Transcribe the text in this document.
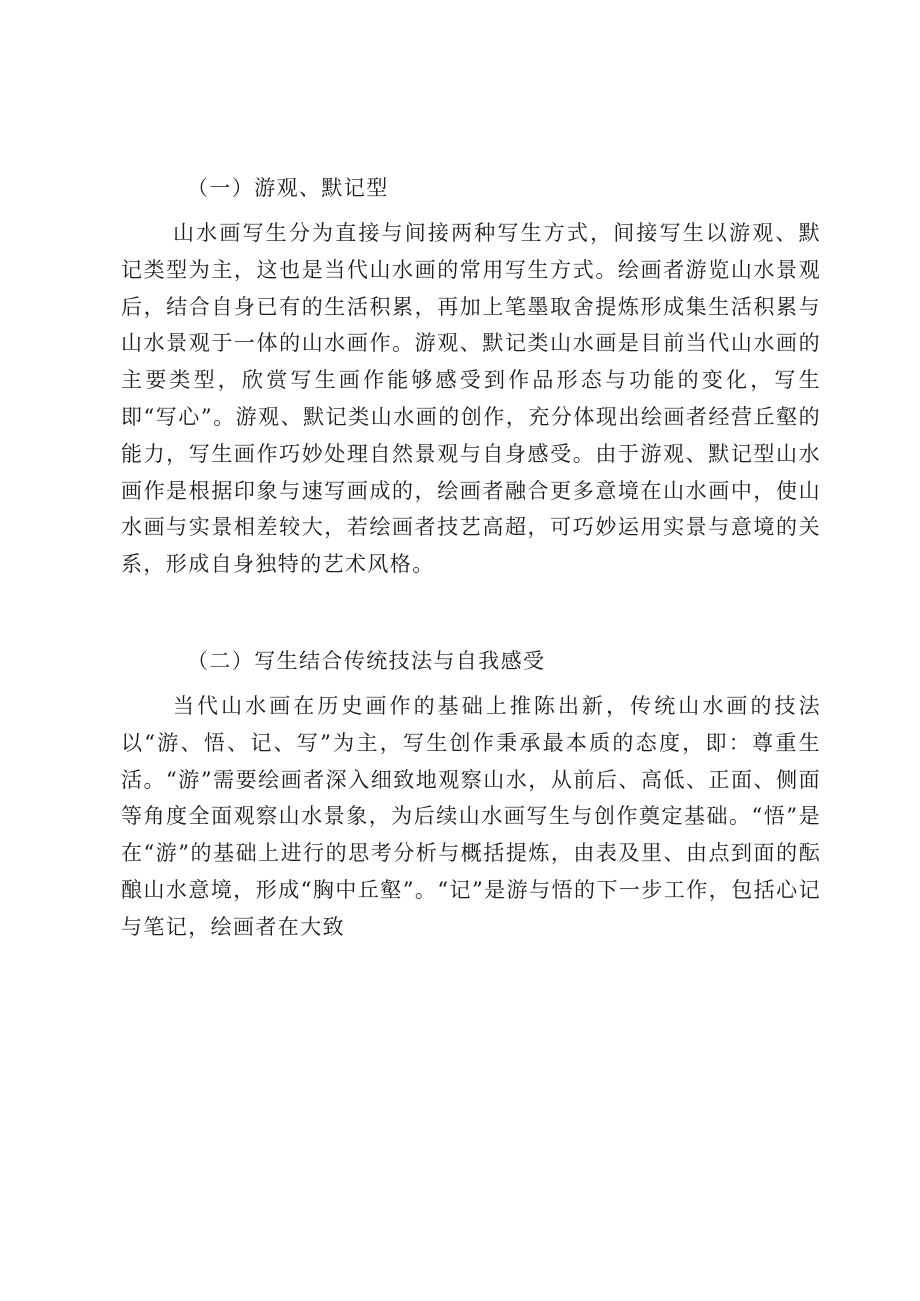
（一）游观、默记型
山水画写生分为直接与间接两种写生方式，间接写生以游观、默记类型为主，这也是当代山水画的常用写生方式。绘画者游览山水景观后，结合自身已有的生活积累，再加上笔墨取舍提炼形成集生活积累与山水景观于一体的山水画作。游观、默记类山水画是目前当代山水画的主要类型，欣赏写生画作能够感受到作品形态与功能的变化，写生即“写心”。游观、默记类山水画的创作，充分体现出绘画者经营丘壑的能力，写生画作巧妙处理自然景观与自身感受。由于游观、默记型山水画作是根据印象与速写画成的，绘画者融合更多意境在山水画中，使山水画与实景相差较大，若绘画者技艺高超，可巧妙运用实景与意境的关系，形成自身独特的艺术风格。
（二）写生结合传统技法与自我感受
当代山水画在历史画作的基础上推陈出新，传统山水画的技法以“游、悟、记、写”为主，写生创作秉承最本质的态度，即：尊重生活。“游”需要绘画者深入细致地观察山水，从前后、高低、正面、侧面等角度全面观察山水景象，为后续山水画写生与创作奠定基础。“悟”是在“游”的基础上进行的思考分析与概括提炼，由表及里、由点到面的酝酿山水意境，形成“胸中丘壑”。“记”是游与悟的下一步工作，包括心记与笔记，绘画者在大致
